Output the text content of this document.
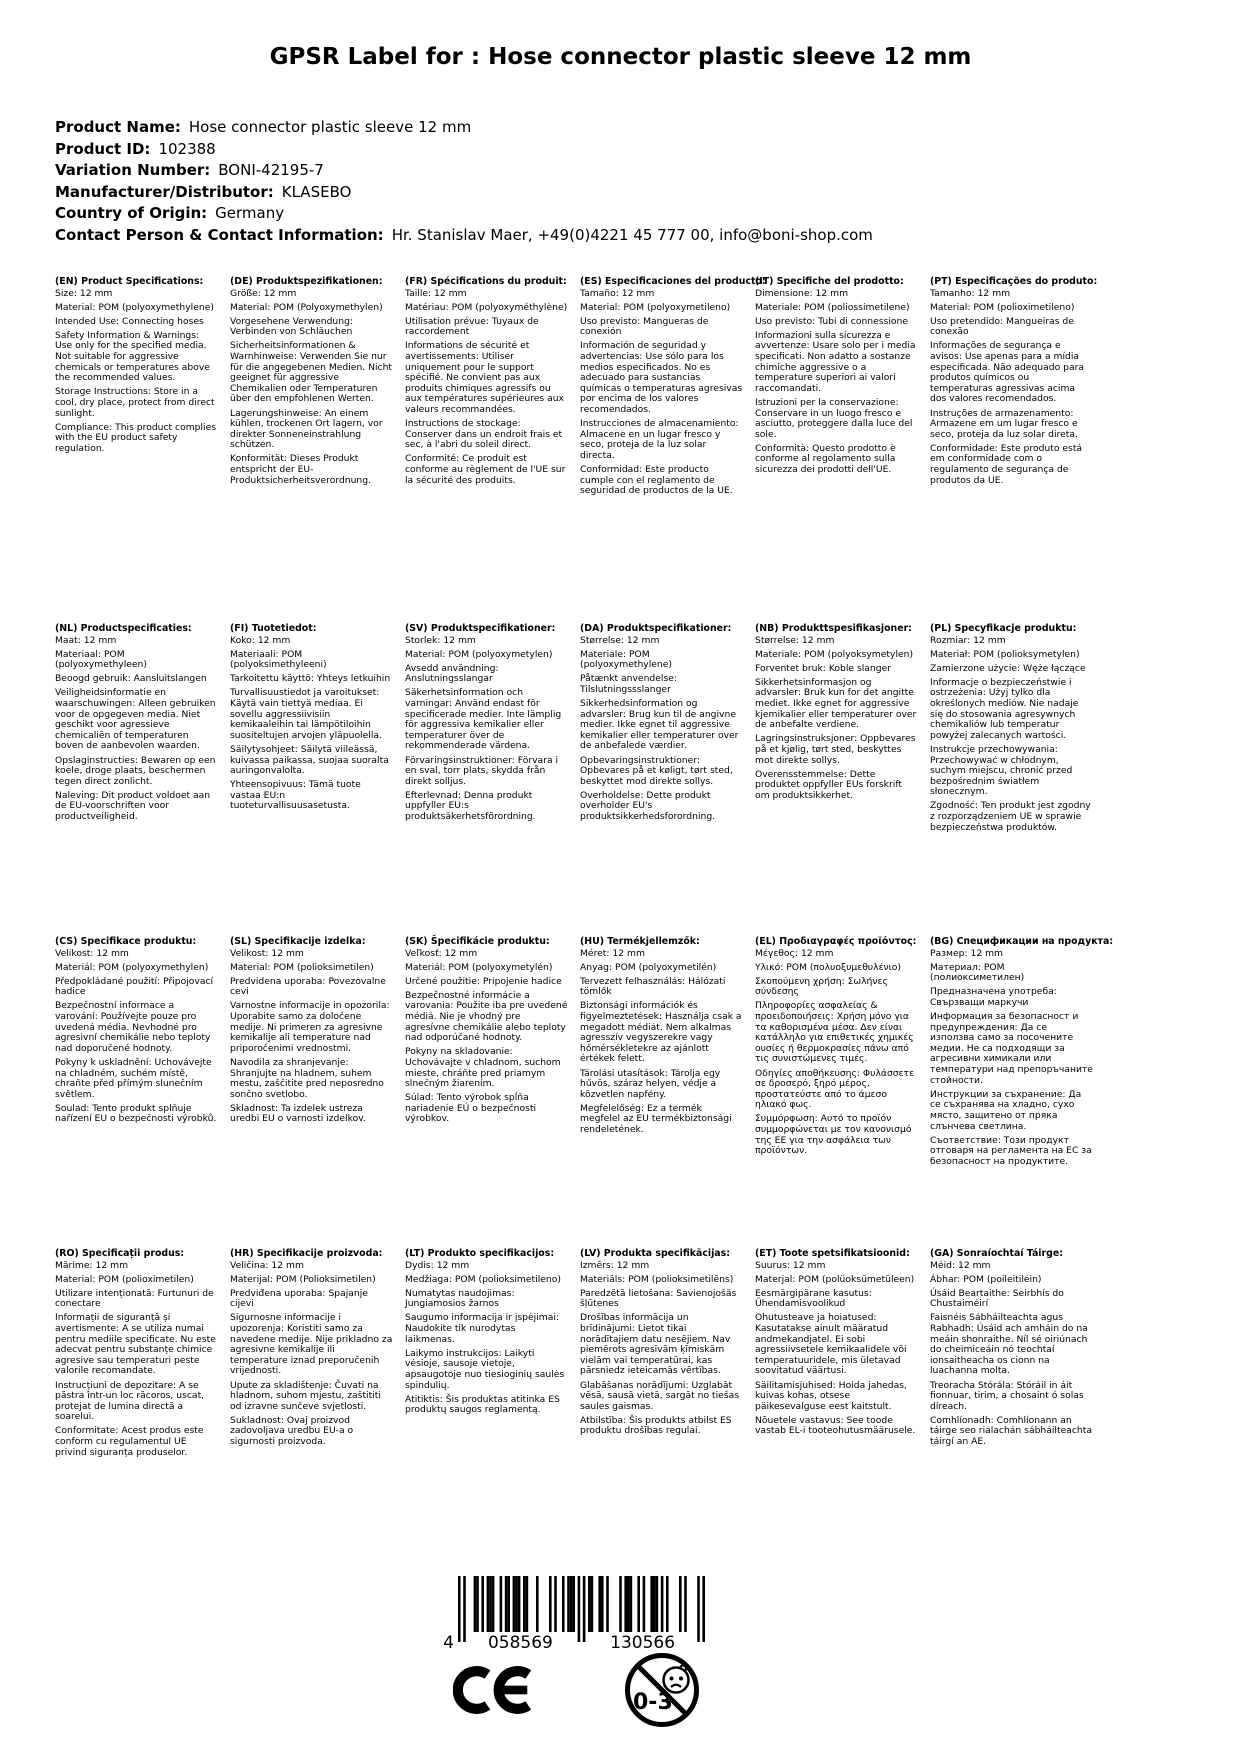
GPSR Label for : Hose connector plastic sleeve 12 mm
Product Name: Hose connector plastic sleeve 12 mm
Product ID: 102388
Variation Number: BONI-42195-7
Manufacturer/Distributor: KLASEBO
Country of Origin: Germany
Contact Person & Contact Information: Hr. Stanislav Maer, +49(0)4221 45 777 00, info@boni-shop.com
(EN) Product Specifications:

Size: 12 mm

Material: POM (polyoxymethylene)

Intended Use: Connecting hoses

Safety Information & Warnings: Use only for the specified media. Not suitable for aggressive chemicals or temperatures above the recommended values.

Storage Instructions: Store in a cool, dry place, protect from direct sunlight.

Compliance: This product complies with the EU product safety regulation.

(DE) Produktspezifikationen:

Größe: 12 mm

Material: POM (Polyoxymethylen)

Vorgesehene Verwendung: Verbinden von Schläuchen

Sicherheitsinformationen & Warnhinweise: Verwenden Sie nur für die angegebenen Medien. Nicht geeignet für aggressive Chemikalien oder Temperaturen über den empfohlenen Werten.

Lagerungshinweise: An einem kühlen, trockenen Ort lagern, vor direkter Sonneneinstrahlung schützen.

Konformität: Dieses Produkt entspricht der EU-Produktsicherheitsverordnung.

(FR) Spécifications du produit:

Taille: 12 mm

Matériau: POM (polyoxyméthylène)

Utilisation prévue: Tuyaux de raccordement

Informations de sécurité et avertissements: Utiliser uniquement pour le support spécifié. Ne convient pas aux produits chimiques agressifs ou aux températures supérieures aux valeurs recommandées.

Instructions de stockage: Conserver dans un endroit frais et sec, à l'abri du soleil direct.

Conformité: Ce produit est conforme au règlement de l'UE sur la sécurité des produits.

(ES) Especificaciones del producto:

Tamaño: 12 mm

Material: POM (polyoxymetileno)

Uso previsto: Mangueras de conexión

Información de seguridad y advertencias: Use sólo para los medios especificados. No es adecuado para sustancias químicas o temperaturas agresivas por encima de los valores recomendados.

Instrucciones de almacenamiento: Almacene en un lugar fresco y seco, proteja de la luz solar directa.

Conformidad: Este producto cumple con el reglamento de seguridad de productos de la UE.

(IT) Specifiche del prodotto:

Dimensione: 12 mm

Materiale: POM (poliossimetilene)

Uso previsto: Tubi di connessione

Informazioni sulla sicurezza e avvertenze: Usare solo per i media specificati. Non adatto a sostanze chimiche aggressive o a temperature superiori ai valori raccomandati.

Istruzioni per la conservazione: Conservare in un luogo fresco e asciutto, proteggere dalla luce del sole.

Conformità: Questo prodotto è conforme al regolamento sulla sicurezza dei prodotti dell'UE.

(PT) Especificações do produto:

Tamanho: 12 mm

Material: POM (polioximetileno)

Uso pretendido: Mangueiras de conexão

Informações de segurança e avisos: Use apenas para a mídia especificada. Não adequado para produtos químicos ou temperaturas agressivas acima dos valores recomendados.

Instruções de armazenamento: Armazene em um lugar fresco e seco, proteja da luz solar direta.

Conformidade: Este produto está em conformidade com o regulamento de segurança de produtos da UE.

(NL) Productspecificaties:

Maat: 12 mm

Materiaal: POM (polyoxymethyleen)

Beoogd gebruik: Aansluitslangen

Veiligheidsinformatie en waarschuwingen: Alleen gebruiken voor de opgegeven media. Niet geschikt voor agressieve chemicaliën of temperaturen boven de aanbevolen waarden.

Opslaginstructies: Bewaren op een koele, droge plaats, beschermen tegen direct zonlicht.

Naleving: Dit product voldoet aan de EU-voorschriften voor productveiligheid.

(FI) Tuotetiedot:

Koko: 12 mm

Materiaali: POM (polyoksimethyleeni)

Tarkoitettu käyttö: Yhteys letkuihin

Turvallisuustiedot ja varoitukset: Käytä vain tiettyä mediaa. Ei sovellu aggressiivisiin kemikaaleihin tai lämpötiloihin suositeltujen arvojen yläpuolella.

Säilytysohjeet: Säilytä viileässä, kuivassa paikassa, suojaa suoralta auringonvalolta.

Yhteensopivuus: Tämä tuote vastaa EU:n tuoteturvallisuusasetusta.

(SV) Produktspecifikationer:

Storlek: 12 mm

Material: POM (polyoxymetylen)

Avsedd användning: Anslutningsslangar

Säkerhetsinformation och varningar: Använd endast för specificerade medier. Inte lämplig för aggressiva kemikalier eller temperaturer över de rekommenderade värdena.

Förvaringsinstruktioner: Förvara i en sval, torr plats, skydda från direkt solljus.

Efterlevnad: Denna produkt uppfyller EU:s produktsäkerhetsförordning.

(DA) Produktspecifikationer:

Størrelse: 12 mm

Materiale: POM (polyoxymethylene)

Påtænkt anvendelse: Tilslutningssslanger

Sikkerhedsinformation og advarsler: Brug kun til de angivne medier. Ikke egnet til aggressive kemikalier eller temperaturer over de anbefalede værdier.

Opbevaringsinstruktioner: Opbevares på et køligt, tørt sted, beskyttet mod direkte sollys.

Overholdelse: Dette produkt overholder EU's produktsikkerhedsforordning.

(NB) Produkttspesifikasjoner:

Størrelse: 12 mm

Materiale: POM (polyoksymetylen)

Forventet bruk: Koble slanger

Sikkerhetsinformasjon og advarsler: Bruk kun for det angitte mediet. Ikke egnet for aggressive kjemikalier eller temperaturer over de anbefalte verdiene.

Lagringsinstruksjoner: Oppbevares på et kjølig, tørt sted, beskyttes mot direkte sollys.

Overensstemmelse: Dette produktet oppfyller EUs forskrift om produktsikkerhet.

(PL) Specyfikacje produktu:

Rozmiar: 12 mm

Materiał: POM (polioksymetylen)

Zamierzone użycie: Węże łączące

Informacje o bezpieczeństwie i ostrzeżenia: Użyj tylko dla określonych mediów. Nie nadaje się do stosowania agresywnych chemikaliów lub temperatur powyżej zalecanych wartości.

Instrukcje przechowywania: Przechowywać w chłodnym, suchym miejscu, chronić przed bezpośrednim światłem słonecznym.

Zgodność: Ten produkt jest zgodny z rozporządzeniem UE w sprawie bezpieczeństwa produktów.

(CS) Specifikace produktu:

Velikost: 12 mm

Materiál: POM (polyoxymethylen)

Předpokládané použití: Připojovací hadice

Bezpečnostní informace a varování: Používejte pouze pro uvedená média. Nevhodné pro agresivní chemikálie nebo teploty nad doporučené hodnoty.

Pokyny k uskladnění: Uchovávejte na chladném, suchém místě, chraňte před přímým slunečním světlem.

Soulad: Tento produkt splňuje nařízení EU o bezpečnosti výrobků.

(SL) Specifikacije izdelka:

Velikost: 12 mm

Material: POM (polioksimetilen)

Predvidena uporaba: Povezovalne cevi

Varnostne informacije in opozorila: Uporabite samo za določene medije. Ni primeren za agresivne kemikalije ali temperature nad priporočenimi vrednostmi.

Navodila za shranjevanje: Shranjujte na hladnem, suhem mestu, zaščitite pred neposredno sončno svetlobo.

Skladnost: Ta izdelek ustreza uredbi EU o varnosti izdelkov.

(SK) Špecifikácie produktu:

Veľkosť: 12 mm

Materiál: POM (polyoxymetylén)

Určené použitie: Pripojenie hadice

Bezpečnostné informácie a varovania: Použite iba pre uvedené médiá. Nie je vhodný pre agresívne chemikálie alebo teploty nad odporúčané hodnoty.

Pokyny na skladovanie: Uchovávajte v chladnom, suchom mieste, chráňte pred priamym slnečným žiarením.

Súlad: Tento výrobok spĺňa nariadenie EÚ o bezpečnosti výrobkov.

(HU) Termékjellemzők:

Méret: 12 mm

Anyag: POM (polyoxymetilén)

Tervezett felhasználás: Hálózati tömlők

Biztonsági információk és figyelmeztetések: Használja csak a megadott médiát. Nem alkalmas agresszív vegyszerekre vagy hőmérsékletekre az ajánlott értékek felett.

Tárolási utasítások: Tárolja egy hűvös, száraz helyen, védje a közvetlen napfény.

Megfelelőség: Ez a termék megfelel az EU termékbiztonsági rendeletének.

(EL) Προδιαγραφές προϊόντος:

Μέγεθος: 12 mm

Υλικό: POM (πολυοξυμεθυλένιο)

Σκοπούμενη χρήση: Σωλήνες σύνδεσης

Πληροφορίες ασφαλείας & προειδοποιήσεις: Χρήση μόνο για τα καθορισμένα μέσα. Δεν είναι κατάλληλο για επιθετικές χημικές ουσίες ή θερμοκρασίες πάνω από τις συνιστώμενες τιμές.

Οδηγίες αποθήκευσης: Φυλάσσετε σε δροσερό, ξηρό μέρος, προστατεύστε από το άμεσο ηλιακό φως.

Συμμόρφωση: Αυτό το προϊόν συμμορφώνεται με τον κανονισμό της ΕΕ για την ασφάλεια των προϊόντων.

(BG) Спецификации на продукта:

Размер: 12 mm

Материал: POM (полиоксиметилен)

Предназначена употреба: Свързващи маркучи

Информация за безопасност и предупреждения: Да се използва само за посочените медии. Не са подходящи за агресивни химикали или температури над препоръчаните стойности.

Инструкции за съхранение: Да се съхранява на хладно, сухо място, защитено от пряка слънчева светлина.

Съответствие: Този продукт отговаря на регламента на ЕС за безопасност на продуктите.

(RO) Specificații produs:

Mărime: 12 mm

Material: POM (polioximetilen)

Utilizare intenționată: Furtunuri de conectare

Informații de siguranță și avertismente: A se utiliza numai pentru mediile specificate. Nu este adecvat pentru substanțe chimice agresive sau temperaturi peste valorile recomandate.

Instrucțiuni de depozitare: A se păstra într-un loc răcoros, uscat, protejat de lumina directă a soarelui.

Conformitate: Acest produs este conform cu regulamentul UE privind siguranța produselor.

(HR) Specifikacije proizvoda:

Veličina: 12 mm

Materijal: POM (Polioksimetilen)

Predviđena uporaba: Spajanje cijevi

Sigurnosne informacije i upozorenja: Koristiti samo za navedene medije. Nije prikladno za agresivne kemikalije ili temperature iznad preporučenih vrijednosti.

Upute za skladištenje: Čuvati na hladnom, suhom mjestu, zaštititi od izravne sunčeve svjetlosti.

Sukladnost: Ovaj proizvod zadovoljava uredbu EU-a o sigurnosti proizvoda.

(LT) Produkto specifikacijos:

Dydis: 12 mm

Medžiaga: POM (polioksimetileno)

Numatytas naudojimas: Jungiamosios žarnos

Saugumo informacija ir įspėjimai: Naudokite tik nurodytas laikmenas.

Laikymo instrukcijos: Laikyti vėsioje, sausoje vietoje, apsaugotoje nuo tiesioginių saulės spindulių.

Atitiktis: Šis produktas atitinka ES produktų saugos reglamentą.

(LV) Produkta specifikācijas:

Izmērs: 12 mm

Materiāls: POM (polioksimetilēns)

Paredzētā lietošana: Savienojošās šļūtenes

Drošības informācija un brīdinājumi: Lietot tikai norādītajiem datu nesējiem. Nav piemērots agresīvām ķīmiskām vielām vai temperatūrai, kas pārsniedz ieteicamās vērtības.

Glabāšanas norādījumi: Uzglabāt vēsā, sausā vietā, sargāt no tiešas saules gaismas.

Atbilstība: Šis produkts atbilst ES produktu drošības regulai.

(ET) Toote spetsifikatsioonid:

Suurus: 12 mm

Materjal: POM (polüoksümetüleen)

Eesmärgipärane kasutus: Ühendamisvoolikud

Ohutusteave ja hoiatused: Kasutatakse ainult määratud andmekandjatel. Ei sobi agressiivsetele kemikaalidele või temperatuuridele, mis ületavad soovitatud väärtusi.

Säilitamisjuhised: Hoida jahedas, kuivas kohas, otsese päikesevalguse eest kaitstult.

Nõuetele vastavus: See toode vastab EL-i tooteohutusmäärusele.

(GA) Sonraíochtaí Táirge:

Méid: 12 mm

Ábhar: POM (poileitiléin)

Úsáid Beartaithe: Seirbhís do Chustaiméirí

Faisnéis Sábháilteachta agus Rabhadh: Úsáid ach amháin do na meáin shonraithe. Níl sé oiriúnach do cheimiceáin nó teochtaí ionsaitheacha os cionn na luachanna molta.

Treoracha Stórála: Stóráil in áit fionnuar, tirim, a chosaint ó solas díreach.

Comhlíonadh: Comhlíonann an táirge seo rialachán sábháilteachta táirgí an AE.

4 058569	130566
0-3
